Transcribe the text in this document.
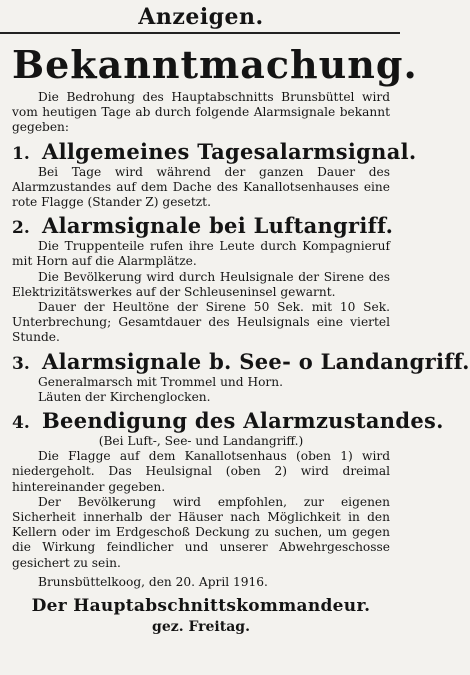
Anzeigen.
Bekanntmachung.

Die Bedrohung des Hauptabschnitts Brunsbüttel wird vom heutigen Tage ab durch folgende Alarmsignale bekannt gegeben:

1. Allgemeines Tagesalarmsignal.

Bei Tage wird während der ganzen Dauer des Alarmzustandes auf dem Dache des Kanallotsenhauses eine rote Flagge (Stander Z) gesetzt.

2. Alarmsignale bei Luftangriff.

Die Truppenteile rufen ihre Leute durch Kompagnieruf mit Horn auf die Alarmplätze.

Die Bevölkerung wird durch Heulsignale der Sirene des Elektrizitätswerkes auf der Schleuseninsel gewarnt.

Dauer der Heultöne der Sirene 50 Sek. mit 10 Sek. Unterbrechung; Gesamtdauer des Heulsignals eine viertel Stunde.

3. Alarmsignale b. See- o Landangriff.

Generalmarsch mit Trommel und Horn.

Läuten der Kirchenglocken.

4. Beendigung des Alarmzustandes.
(Bei Luft-, See- und Landangriff.)

Die Flagge auf dem Kanallotsenhaus (oben 1) wird niedergeholt. Das Heulsignal (oben 2) wird dreimal hintereinander gegeben.

Der Bevölkerung wird empfohlen, zur eigenen Sicherheit innerhalb der Häuser nach Möglichkeit in den Kellern oder im Erdgeschoß Deckung zu suchen, um gegen die Wirkung feindlicher und unserer Abwehrgeschosse gesichert zu sein.

Brunsbüttelkoog, den 20. April 1916.
Der Hauptabschnittskommandeur.
gez. Freitag.
